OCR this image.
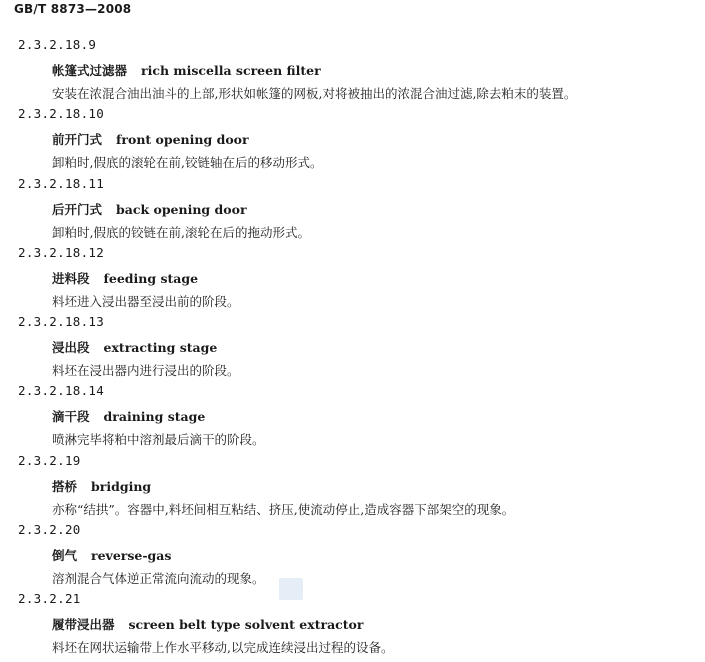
GB/T 8873—2008
2.3.2.18.9
帐篷式过滤器 rich miscella screen filter
安装在浓混合油出油斗的上部,形状如帐篷的网板,对将被抽出的浓混合油过滤,除去粕末的装置。
2.3.2.18.10
前开门式 front opening door
卸粕时,假底的滚轮在前,铰链轴在后的移动形式。
2.3.2.18.11
后开门式 back opening door
卸粕时,假底的铰链在前,滚轮在后的拖动形式。
2.3.2.18.12
进料段 feeding stage
料坯进入浸出器至浸出前的阶段。
2.3.2.18.13
浸出段 extracting stage
料坯在浸出器内进行浸出的阶段。
2.3.2.18.14
滴干段 draining stage
喷淋完毕将粕中溶剂最后滴干的阶段。
2.3.2.19
搭桥 bridging
亦称“结拱”。容器中,料坯间相互粘结、挤压,使流动停止,造成容器下部架空的现象。
2.3.2.20
倒气 reverse-gas
溶剂混合气体逆正常流向流动的现象。
2.3.2.21
履带浸出器 screen belt type solvent extractor
料坯在网状运输带上作水平移动,以完成连续浸出过程的设备。
